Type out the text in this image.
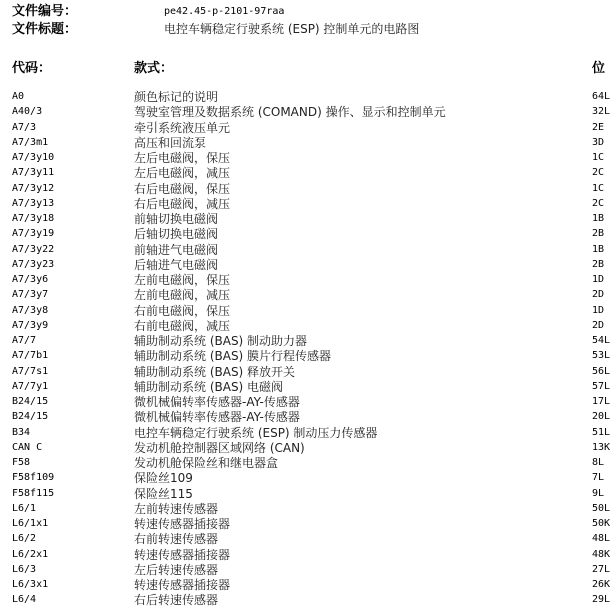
文件编号：	pe42.45-p-2101-97raa
文件标题：	电控车辆稳定行驶系统 (ESP) 控制单元的电路图
代码：	款式：	位
A0	颜色标记的说明	64L
A40/3	驾驶室管理及数据系统 (COMAND) 操作、显示和控制单元	32L
A7/3	牵引系统液压单元	2E
A7/3m1	高压和回流泵	3D
A7/3y10	左后电磁阀，保压	1C
A7/3y11	左后电磁阀，减压	2C
A7/3y12	右后电磁阀，保压	1C
A7/3y13	右后电磁阀，减压	2C
A7/3y18	前轴切换电磁阀	1B
A7/3y19	后轴切换电磁阀	2B
A7/3y22	前轴进气电磁阀	1B
A7/3y23	后轴进气电磁阀	2B
A7/3y6	左前电磁阀，保压	1D
A7/3y7	左前电磁阀，减压	2D
A7/3y8	右前电磁阀，保压	1D
A7/3y9	右前电磁阀，减压	2D
A7/7	辅助制动系统 (BAS) 制动助力器	54L
A7/7b1	辅助制动系统 (BAS) 膜片行程传感器	53L
A7/7s1	辅助制动系统 (BAS) 释放开关	56L
A7/7y1	辅助制动系统 (BAS) 电磁阀	57L
B24/15	微机械偏转率传感器-AY-传感器	17L
B24/15	微机械偏转率传感器-AY-传感器	20L
B34	电控车辆稳定行驶系统 (ESP) 制动压力传感器	51L
CAN C	发动机舱控制器区域网络 (CAN)	13K
F58	发动机舱保险丝和继电器盒	8L
F58f109	保险丝109	7L
F58f115	保险丝115	9L
L6/1	左前转速传感器	50L
L6/1x1	转速传感器插接器	50K
L6/2	右前转速传感器	48L
L6/2x1	转速传感器插接器	48K
L6/3	左后转速传感器	27L
L6/3x1	转速传感器插接器	26K
L6/4	右后转速传感器	29L
